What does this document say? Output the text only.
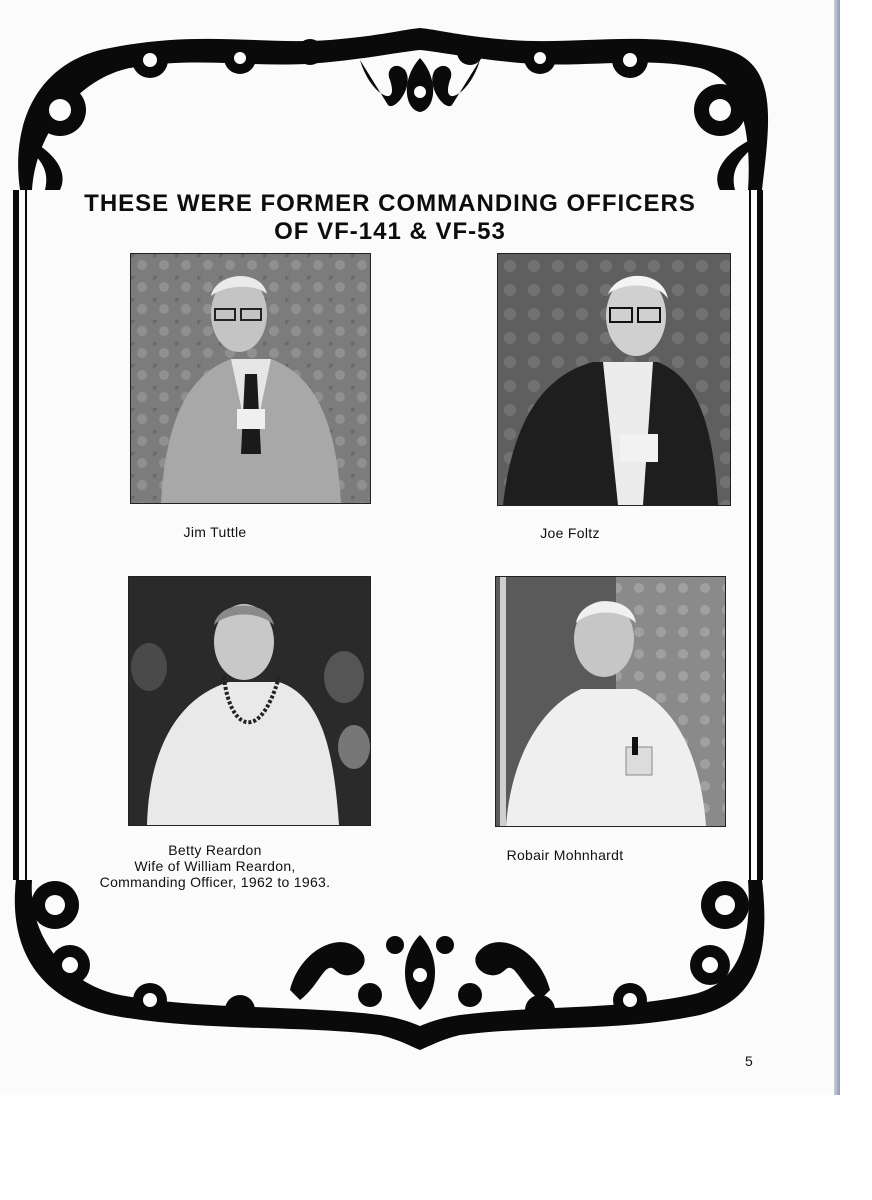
THESE WERE FORMER COMMANDING OFFICERS
OF VF-141 & VF-53
Jim Tuttle	Joe Foltz
Betty Reardon
Wife of William Reardon,
Commanding Officer, 1962 to 1963.
Robair Mohnhardt
5
